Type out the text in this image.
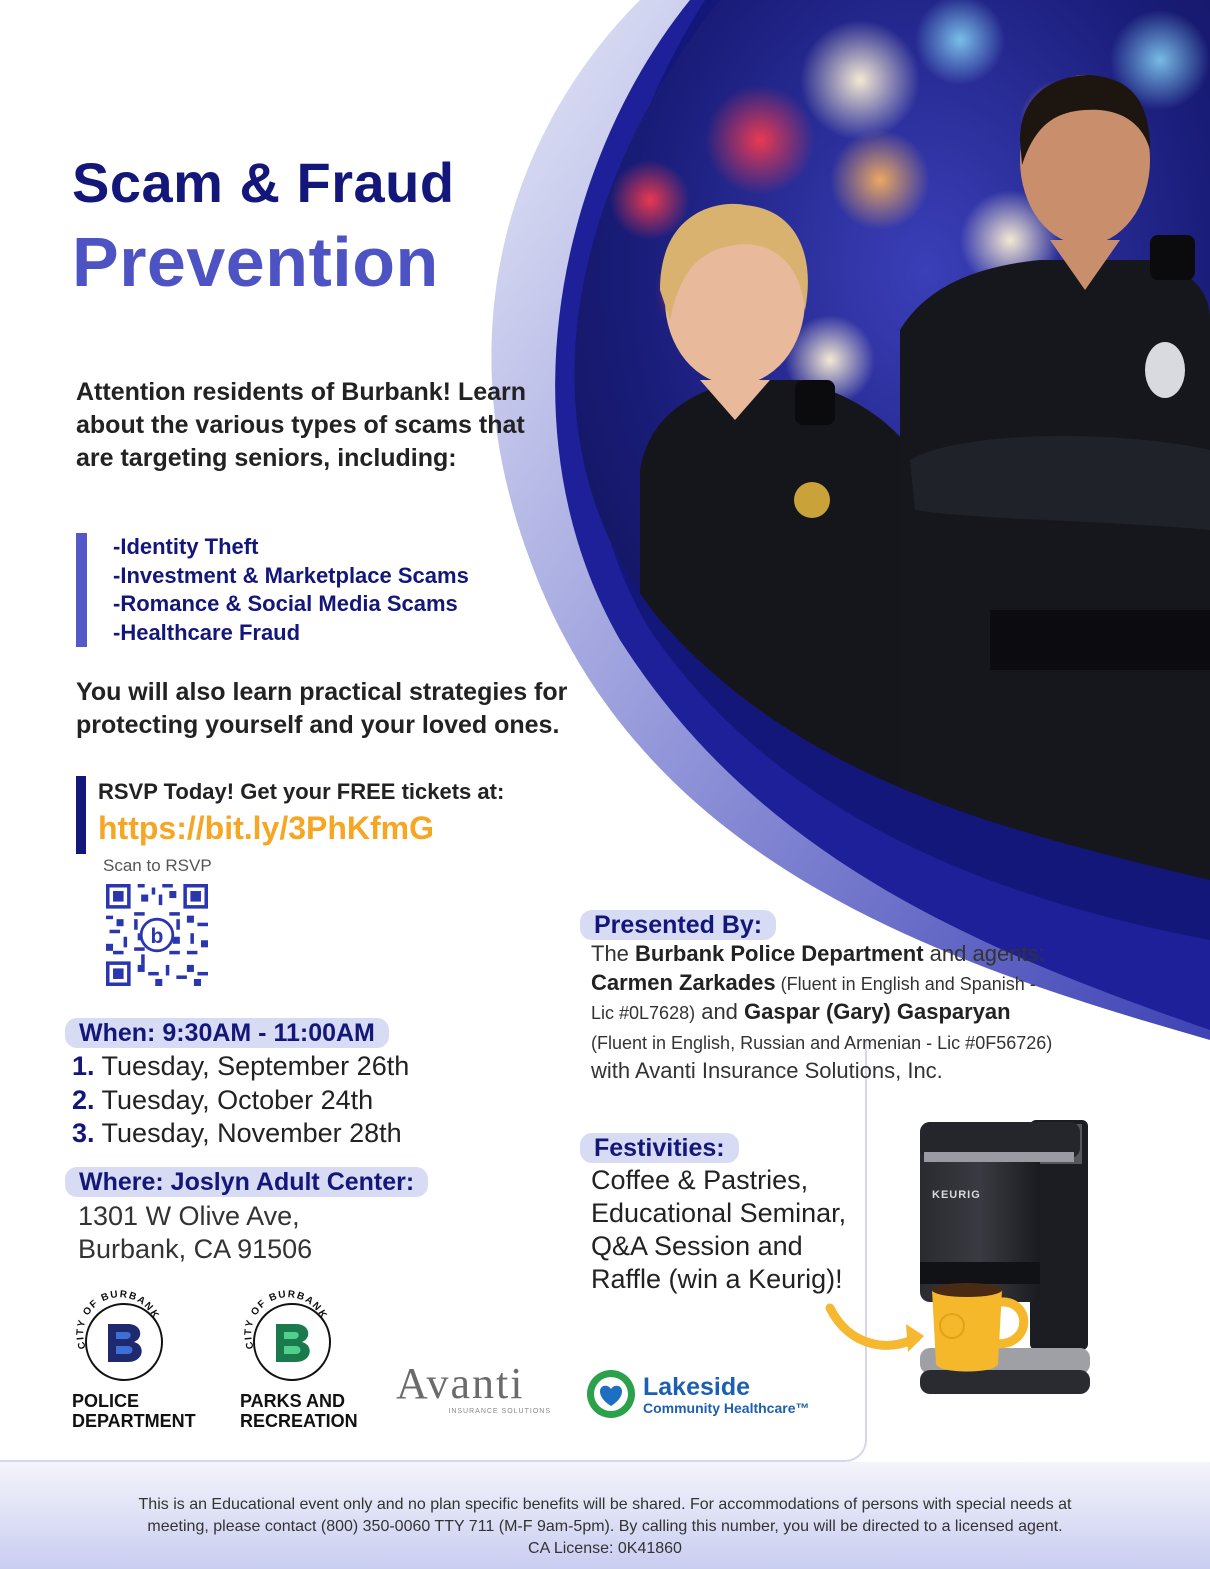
Scam & Fraud
Prevention
Attention residents of Burbank! Learn about the various types of scams that are targeting seniors, including:
-Identity Theft
-Investment & Marketplace Scams
-Romance & Social Media Scams
-Healthcare Fraud
You will also learn practical strategies for protecting yourself and your loved ones.
RSVP Today! Get your FREE tickets at:
https://bit.ly/3PhKfmG
Scan to RSVP
b
When: 9:30AM - 11:00AM
1. Tuesday, September 26th
2. Tuesday, October 24th
3. Tuesday, November 28th
Where: Joslyn Adult Center:
1301 W Olive Ave,
Burbank, CA 91506
CITY OF BURBANK
POLICE
DEPARTMENT
CITY OF BURBANK
PARKS AND
RECREATION
Avanti
INSURANCE SOLUTIONS
Lakeside
Community Healthcare™
Presented By:
The Burbank Police Department and agents: Carmen Zarkades (Fluent in English and Spanish - Lic #0L7628) and Gaspar (Gary) Gasparyan (Fluent in English, Russian and Armenian - Lic #0F56726) with Avanti Insurance Solutions, Inc.
Festivities:
Coffee & Pastries,
Educational Seminar,
Q&A Session and
Raffle (win a Keurig)!
KEURIG
This is an Educational event only and no plan specific benefits will be shared. For accommodations of persons with special needs at
meeting, please contact (800) 350-0060 TTY 711 (M-F 9am-5pm). By calling this number, you will be directed to a licensed agent.
CA License: 0K41860
